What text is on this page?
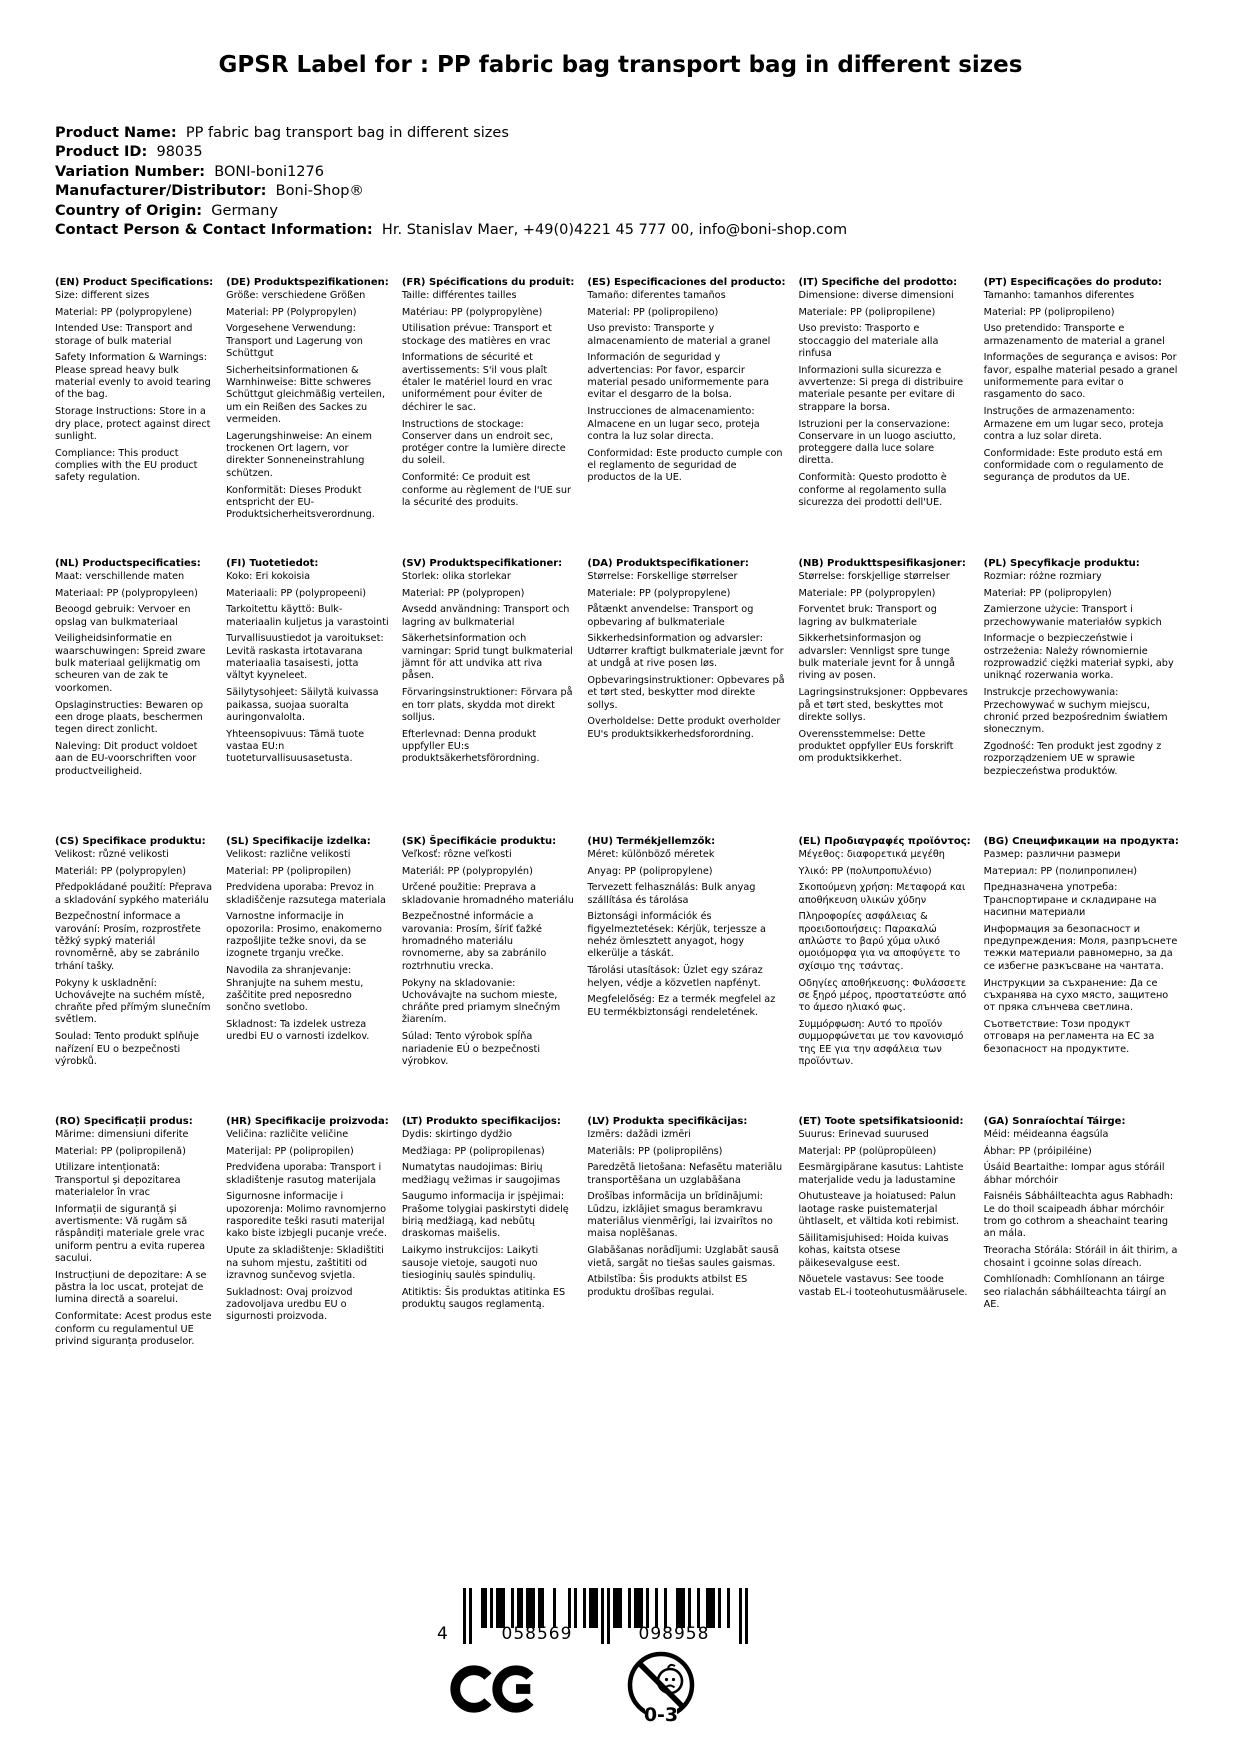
GPSR Label for : PP fabric bag transport bag in different sizes
Product Name:  PP fabric bag transport bag in different sizes
Product ID:  98035
Variation Number:  BONI-boni1276
Manufacturer/Distributor:  Boni-Shop®
Country of Origin:  Germany
Contact Person & Contact Information:  Hr. Stanislav Maer, +49(0)4221 45 777 00, info@boni-shop.com
(EN) Product Specifications:

Size: different sizes

Material: PP (polypropylene)

Intended Use: Transport and storage of bulk material

Safety Information & Warnings: Please spread heavy bulk material evenly to avoid tearing of the bag.

Storage Instructions: Store in a dry place, protect against direct sunlight.

Compliance: This product complies with the EU product safety regulation.

(DE) Produktspezifikationen:

Größe: verschiedene Größen

Material: PP (Polypropylen)

Vorgesehene Verwendung: Transport und Lagerung von Schüttgut

Sicherheitsinformationen & Warnhinweise: Bitte schweres Schüttgut gleichmäßig verteilen, um ein Reißen des Sackes zu vermeiden.

Lagerungshinweise: An einem trockenen Ort lagern, vor direkter Sonneneinstrahlung schützen.

Konformität: Dieses Produkt entspricht der EU-Produktsicherheitsverordnung.

(FR) Spécifications du produit:

Taille: différentes tailles

Matériau: PP (polypropylène)

Utilisation prévue: Transport et stockage des matières en vrac

Informations de sécurité et avertissements: S'il vous plaît étaler le matériel lourd en vrac uniformément pour éviter de déchirer le sac.

Instructions de stockage: Conserver dans un endroit sec, protéger contre la lumière directe du soleil.

Conformité: Ce produit est conforme au règlement de l'UE sur la sécurité des produits.

(ES) Especificaciones del producto:

Tamaño: diferentes tamaños

Material: PP (polipropileno)

Uso previsto: Transporte y almacenamiento de material a granel

Información de seguridad y advertencias: Por favor, esparcir material pesado uniformemente para evitar el desgarro de la bolsa.

Instrucciones de almacenamiento: Almacene en un lugar seco, proteja contra la luz solar directa.

Conformidad: Este producto cumple con el reglamento de seguridad de productos de la UE.

(IT) Specifiche del prodotto:

Dimensione: diverse dimensioni

Materiale: PP (polipropilene)

Uso previsto: Trasporto e stoccaggio del materiale alla rinfusa

Informazioni sulla sicurezza e avvertenze: Si prega di distribuire materiale pesante per evitare di strappare la borsa.

Istruzioni per la conservazione: Conservare in un luogo asciutto, proteggere dalla luce solare diretta.

Conformità: Questo prodotto è conforme al regolamento sulla sicurezza dei prodotti dell'UE.

(PT) Especificações do produto:

Tamanho: tamanhos diferentes

Material: PP (polipropileno)

Uso pretendido: Transporte e armazenamento de material a granel

Informações de segurança e avisos: Por favor, espalhe material pesado a granel uniformemente para evitar o rasgamento do saco.

Instruções de armazenamento: Armazene em um lugar seco, proteja contra a luz solar direta.

Conformidade: Este produto está em conformidade com o regulamento de segurança de produtos da UE.

(NL) Productspecificaties:

Maat: verschillende maten

Materiaal: PP (polypropyleen)

Beoogd gebruik: Vervoer en opslag van bulkmateriaal

Veiligheidsinformatie en waarschuwingen: Spreid zware bulk materiaal gelijkmatig om scheuren van de zak te voorkomen.

Opslaginstructies: Bewaren op een droge plaats, beschermen tegen direct zonlicht.

Naleving: Dit product voldoet aan de EU-voorschriften voor productveiligheid.

(FI) Tuotetiedot:

Koko: Eri kokoisia

Materiaali: PP (polypropeeni)

Tarkoitettu käyttö: Bulk-materiaalin kuljetus ja varastointi

Turvallisuustiedot ja varoitukset: Levitä raskasta irtotavarana materiaalia tasaisesti, jotta vältyt kyyneleet.

Säilytysohjeet: Säilytä kuivassa paikassa, suojaa suoralta auringonvalolta.

Yhteensopivuus: Tämä tuote vastaa EU:n tuoteturvallisuusasetusta.

(SV) Produktspecifikationer:

Storlek: olika storlekar

Material: PP (polypropen)

Avsedd användning: Transport och lagring av bulkmaterial

Säkerhetsinformation och varningar: Sprid tungt bulkmaterial jämnt för att undvika att riva påsen.

Förvaringsinstruktioner: Förvara på en torr plats, skydda mot direkt solljus.

Efterlevnad: Denna produkt uppfyller EU:s produktsäkerhetsförordning.

(DA) Produktspecifikationer:

Størrelse: Forskellige størrelser

Materiale: PP (polypropylene)

Påtænkt anvendelse: Transport og opbevaring af bulkmateriale

Sikkerhedsinformation og advarsler: Udtørrer kraftigt bulkmateriale jævnt for at undgå at rive posen løs.

Opbevaringsinstruktioner: Opbevares på et tørt sted, beskytter mod direkte sollys.

Overholdelse: Dette produkt overholder EU's produktsikkerhedsforordning.

(NB) Produkttspesifikasjoner:

Størrelse: forskjellige størrelser

Materiale: PP (polypropylen)

Forventet bruk: Transport og lagring av bulkmateriale

Sikkerhetsinformasjon og advarsler: Vennligst spre tunge bulk materiale jevnt for å unngå riving av posen.

Lagringsinstruksjoner: Oppbevares på et tørt sted, beskyttes mot direkte sollys.

Overensstemmelse: Dette produktet oppfyller EUs forskrift om produktsikkerhet.

(PL) Specyfikacje produktu:

Rozmiar: różne rozmiary

Materiał: PP (polipropylen)

Zamierzone użycie: Transport i przechowywanie materiałów sypkich

Informacje o bezpieczeństwie i ostrzeżenia: Należy równomiernie rozprowadzić ciężki materiał sypki, aby uniknąć rozerwania worka.

Instrukcje przechowywania: Przechowywać w suchym miejscu, chronić przed bezpośrednim światłem słonecznym.

Zgodność: Ten produkt jest zgodny z rozporządzeniem UE w sprawie bezpieczeństwa produktów.

(CS) Specifikace produktu:

Velikost: různé velikosti

Materiál: PP (polypropylen)

Předpokládané použití: Přeprava a skladování sypkého materiálu

Bezpečnostní informace a varování: Prosím, rozprostřete těžký sypký materiál rovnoměrně, aby se zabránilo trhání tašky.

Pokyny k uskladnění: Uchovávejte na suchém místě, chraňte před přímým slunečním světlem.

Soulad: Tento produkt splňuje nařízení EU o bezpečnosti výrobků.

(SL) Specifikacije izdelka:

Velikost: različne velikosti

Material: PP (polipropilen)

Predvidena uporaba: Prevoz in skladiščenje razsutega materiala

Varnostne informacije in opozorila: Prosimo, enakomerno razpošljite težke snovi, da se izognete trganju vrečke.

Navodila za shranjevanje: Shranjujte na suhem mestu, zaščitite pred neposredno sončno svetlobo.

Skladnost: Ta izdelek ustreza uredbi EU o varnosti izdelkov.

(SK) Špecifikácie produktu:

Veľkosť: rôzne veľkosti

Materiál: PP (polypropylén)

Určené použitie: Preprava a skladovanie hromadného materiálu

Bezpečnostné informácie a varovania: Prosím, šíriť ťažké hromadného materiálu rovnomerne, aby sa zabránilo roztrhnutiu vrecka.

Pokyny na skladovanie: Uchovávajte na suchom mieste, chráňte pred priamym slnečným žiarením.

Súlad: Tento výrobok spĺňa nariadenie EÚ o bezpečnosti výrobkov.

(HU) Termékjellemzők:

Méret: különböző méretek

Anyag: PP (polipropylene)

Tervezett felhasználás: Bulk anyag szállítása és tárolása

Biztonsági információk és figyelmeztetések: Kérjük, terjessze a nehéz ömlesztett anyagot, hogy elkerülje a táskát.

Tárolási utasítások: Üzlet egy száraz helyen, védje a közvetlen napfényt.

Megfelelőség: Ez a termék megfelel az EU termékbiztonsági rendeletének.

(EL) Προδιαγραφές προϊόντος:

Μέγεθος: διαφορετικά μεγέθη

Υλικό: PP (πολυπροπυλένιο)

Σκοπούμενη χρήση: Μεταφορά και αποθήκευση υλικών χύδην

Πληροφορίες ασφάλειας & προειδοποιήσεις: Παρακαλώ απλώστε το βαρύ χύμα υλικό ομοιόμορφα για να αποφύγετε το σχίσιμο της τσάντας.

Οδηγίες αποθήκευσης: Φυλάσσετε σε ξηρό μέρος, προστατεύστε από το άμεσο ηλιακό φως.

Συμμόρφωση: Αυτό το προϊόν συμμορφώνεται με τον κανονισμό της ΕΕ για την ασφάλεια των προϊόντων.

(BG) Спецификации на продукта:

Размер: различни размери

Материал: PP (полипропилен)

Предназначена употреба: Транспортиране и складиране на насипни материали

Информация за безопасност и предупреждения: Моля, разпръснете тежки материали равномерно, за да се избегне разкъсване на чантата.

Инструкции за съхранение: Да се съхранява на сухо място, защитено от пряка слънчева светлина.

Съответствие: Този продукт отговаря на регламента на ЕС за безопасност на продуктите.

(RO) Specificații produs:

Mărime: dimensiuni diferite

Material: PP (polipropilenă)

Utilizare intenționată: Transportul și depozitarea materialelor în vrac

Informații de siguranță și avertismente: Vă rugăm să răspândiți materiale grele vrac uniform pentru a evita ruperea sacului.

Instrucțiuni de depozitare: A se păstra la loc uscat, protejat de lumina directă a soarelui.

Conformitate: Acest produs este conform cu regulamentul UE privind siguranța produselor.

(HR) Specifikacije proizvoda:

Veličina: različite veličine

Materijal: PP (polipropilen)

Predviđena uporaba: Transport i skladištenje rasutog materijala

Sigurnosne informacije i upozorenja: Molimo ravnomjerno rasporedite teški rasuti materijal kako biste izbjegli pucanje vreće.

Upute za skladištenje: Skladištiti na suhom mjestu, zaštititi od izravnog sunčevog svjetla.

Sukladnost: Ovaj proizvod zadovoljava uredbu EU o sigurnosti proizvoda.

(LT) Produkto specifikacijos:

Dydis: skirtingo dydžio

Medžiaga: PP (polipropilenas)

Numatytas naudojimas: Birių medžiagų vežimas ir saugojimas

Saugumo informacija ir įspėjimai: Prašome tolygiai paskirstyti didelę birią medžiagą, kad nebūtų draskomas maišelis.

Laikymo instrukcijos: Laikyti sausoje vietoje, saugoti nuo tiesioginių saulės spindulių.

Atitiktis: Šis produktas atitinka ES produktų saugos reglamentą.

(LV) Produkta specifikācijas:

Izmērs: dažādi izmēri

Materiāls: PP (polipropilēns)

Paredzētā lietošana: Nefasētu materiālu transportēšana un uzglabāšana

Drošības informācija un brīdinājumi: Lūdzu, izklājiet smagus beramkravu materiālus vienmērīgi, lai izvairītos no maisa noplēšanas.

Glabāšanas norādījumi: Uzglabāt sausā vietā, sargāt no tiešas saules gaismas.

Atbilstība: Šis produkts atbilst ES produktu drošības regulai.

(ET) Toote spetsifikatsioonid:

Suurus: Erinevad suurused

Materjal: PP (polüpropüleen)

Eesmärgipärane kasutus: Lahtiste materjalide vedu ja ladustamine

Ohutusteave ja hoiatused: Palun laotage raske puistematerjal ühtlaselt, et vältida koti rebimist.

Säilitamisjuhised: Hoida kuivas kohas, kaitsta otsese päikesevalguse eest.

Nõuetele vastavus: See toode vastab EL-i tooteohutusmäärusele.

(GA) Sonraíochtaí Táirge:

Méid: méideanna éagsúla

Ábhar: PP (próipiléine)

Úsáid Beartaithe: Iompar agus stóráil ábhar mórchóir

Faisnéis Sábháilteachta agus Rabhadh: Le do thoil scaipeadh ábhar mórchóir trom go cothrom a sheachaint tearing an mála.

Treoracha Stórála: Stóráil in áit thirim, a chosaint i gcoinne solas díreach.

Comhlíonadh: Comhlíonann an táirge seo rialachán sábháilteachta táirgí an AE.

4	058569	098958
0-3
